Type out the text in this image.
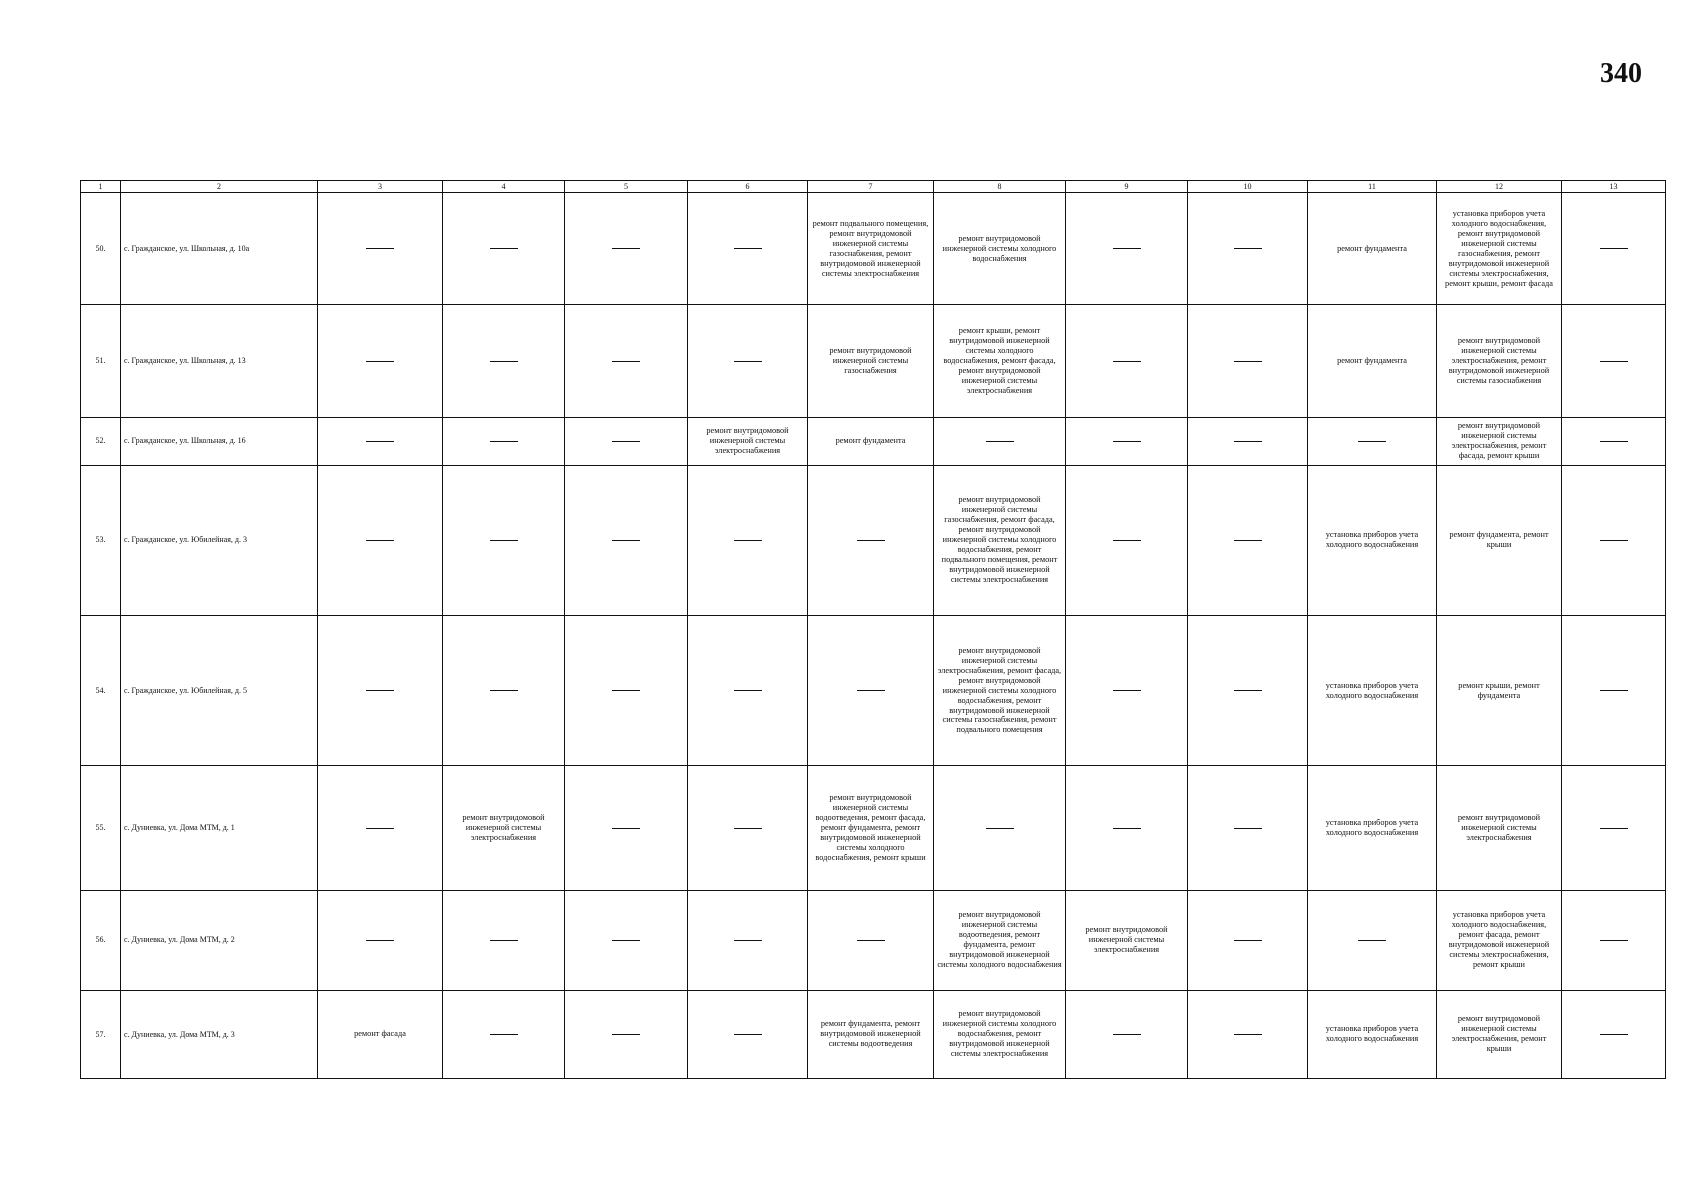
340
1	2	3	4	5	6	7	8	9	10	11	12	13
50.	с. Гражданское, ул. Школьная, д. 10а					ремонт подвального помещения, ремонт внутридомовой инженерной системы газоснабжения, ремонт внутридомовой инженерной системы электроснабжения	ремонт внутридомовой инженерной системы холодного водоснабжения			ремонт фундамента	установка приборов учета холодного водоснабжения, ремонт внутридомовой инженерной системы газоснабжения, ремонт внутридомовой инженерной системы электроснабжения, ремонт крыши, ремонт фасада	
51.	с. Гражданское, ул. Школьная, д. 13					ремонт внутридомовой инженерной системы газоснабжения	ремонт крыши, ремонт внутридомовой инженерной системы холодного водоснабжения, ремонт фасада, ремонт внутридомовой инженерной системы электроснабжения			ремонт фундамента	ремонт внутридомовой инженерной системы электроснабжения, ремонт внутридомовой инженерной системы газоснабжения	
52.	с. Гражданское, ул. Школьная, д. 16				ремонт внутридомовой инженерной системы электроснабжения	ремонт фундамента					ремонт внутридомовой инженерной системы электроснабжения, ремонт фасада, ремонт крыши	
53.	с. Гражданское, ул. Юбилейная, д. 3						ремонт внутридомовой инженерной системы газоснабжения, ремонт фасада, ремонт внутридомовой инженерной системы холодного водоснабжения, ремонт подвального помещения, ремонт внутридомовой инженерной системы электроснабжения			установка приборов учета холодного водоснабжения	ремонт фундамента, ремонт крыши	
54.	с. Гражданское, ул. Юбилейная, д. 5						ремонт внутридомовой инженерной системы электроснабжения, ремонт фасада, ремонт внутридомовой инженерной системы холодного водоснабжения, ремонт внутридомовой инженерной системы газоснабжения, ремонт подвального помещения			установка приборов учета холодного водоснабжения	ремонт крыши, ремонт фундамента	
55.	с. Дуниевка, ул. Дома МТМ, д. 1		ремонт внутридомовой инженерной системы электроснабжения			ремонт внутридомовой инженерной системы водоотведения, ремонт фасада, ремонт фундамента, ремонт внутридомовой инженерной системы холодного водоснабжения, ремонт крыши				установка приборов учета холодного водоснабжения	ремонт внутридомовой инженерной системы электроснабжения	
56.	с. Дуниевка, ул. Дома МТМ, д. 2						ремонт внутридомовой инженерной системы водоотведения, ремонт фундамента, ремонт внутридомовой инженерной системы холодного водоснабжения	ремонт внутридомовой инженерной системы электроснабжения			установка приборов учета холодного водоснабжения, ремонт фасада, ремонт внутридомовой инженерной системы электроснабжения, ремонт крыши	
57.	с. Дуниевка, ул. Дома МТМ, д. 3	ремонт фасада				ремонт фундамента, ремонт внутридомовой инженерной системы водоотведения	ремонт внутридомовой инженерной системы холодного водоснабжения, ремонт внутридомовой инженерной системы электроснабжения			установка приборов учета холодного водоснабжения	ремонт внутридомовой инженерной системы электроснабжения, ремонт крыши	
